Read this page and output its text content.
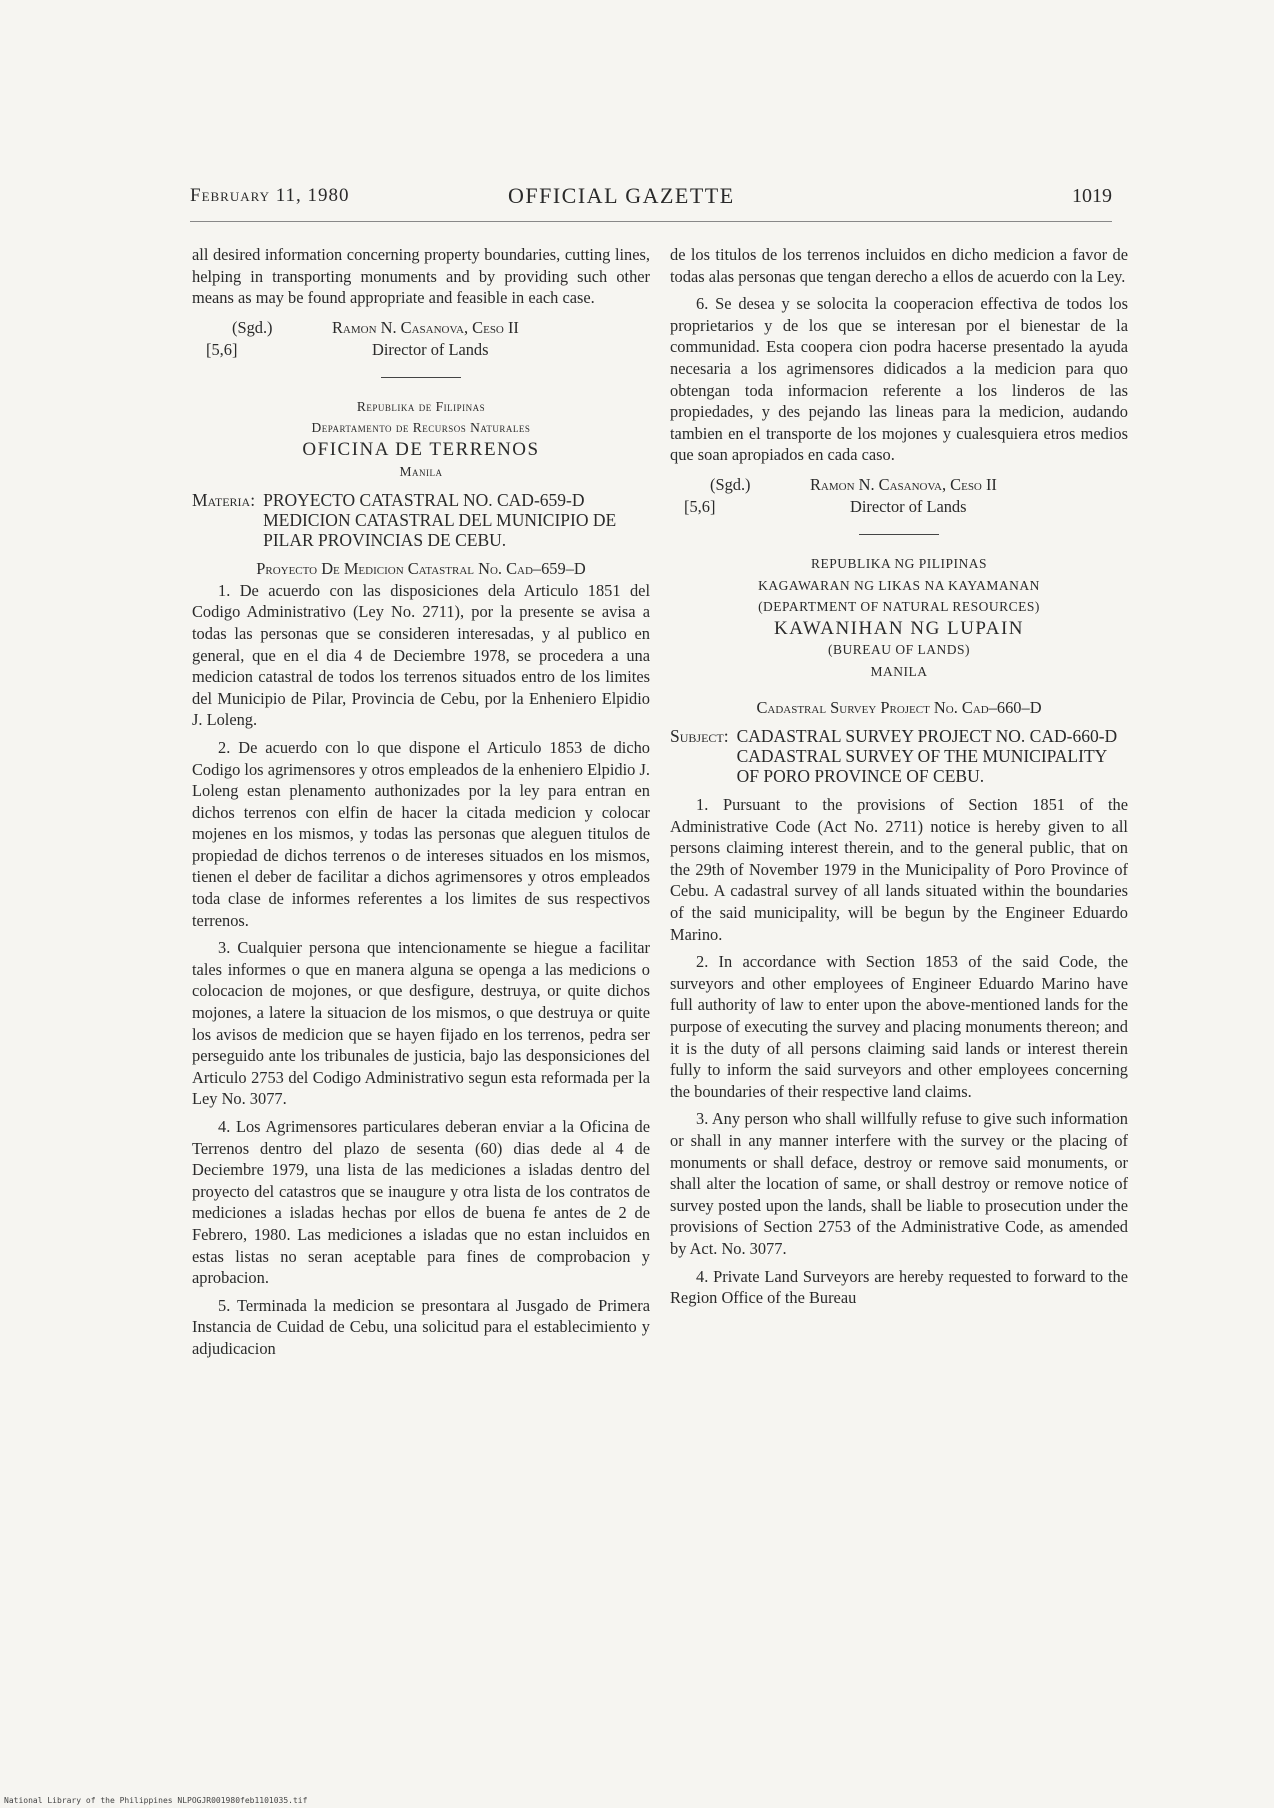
February 11, 1980	OFFICIAL GAZETTE	1019

all desired information concerning property boundaries, cutting lines, helping in transporting monuments and by providing such other means as may be found appropriate and feasible in each case.

(Sgd.)	Ramon N. Casanova, Ceso II
[5,6]	Director of Lands
Republika de Filipinas
Departamento de Recursos Naturales
OFICINA DE TERRENOS
Manila
Materia: PROYECTO CATASTRAL NO. CAD-659-D MEDICION CATASTRAL DEL MUNICIPIO DE PILAR PROVINCIAS DE CEBU.

Proyecto De Medicion Catastral No. Cad–659–D

1. De acuerdo con las disposiciones dela Articulo 1851 del Codigo Administrativo (Ley No. 2711), por la presente se avisa a todas las personas que se consideren interesadas, y al publico en general, que en el dia 4 de Deciembre 1978, se procedera a una medicion catastral de todos los terrenos situados entro de los limites del Municipio de Pilar, Provincia de Cebu, por la Enheniero Elpidio J. Loleng.

2. De acuerdo con lo que dispone el Articulo 1853 de dicho Codigo los agrimensores y otros empleados de la enheniero Elpidio J. Loleng estan plenamento authonizades por la ley para entran en dichos terrenos con elfin de hacer la citada medicion y colocar mojenes en los mismos, y todas las personas que aleguen titulos de propiedad de dichos terrenos o de intereses situados en los mismos, tienen el deber de facilitar a dichos agrimensores y otros empleados toda clase de informes referentes a los limites de sus respectivos terrenos.

3. Cualquier persona que intencionamente se hiegue a facilitar tales informes o que en manera alguna se openga a las medicions o colocacion de mojones, or que desfigure, destruya, or quite dichos mojones, a latere la situacion de los mismos, o que destruya or quite los avisos de medicion que se hayen fijado en los terrenos, pedra ser perseguido ante los tribunales de justicia, bajo las desponsiciones del Articulo 2753 del Codigo Administrativo segun esta reformada per la Ley No. 3077.

4. Los Agrimensores particulares deberan enviar a la Oficina de Terrenos dentro del plazo de sesenta (60) dias dede al 4 de Deciembre 1979, una lista de las mediciones a isladas dentro del proyecto del catastros que se inaugure y otra lista de los contratos de mediciones a isladas hechas por ellos de buena fe antes de 2 de Febrero, 1980. Las mediciones a isladas que no estan incluidos en estas listas no seran aceptable para fines de comprobacion y aprobacion.

5. Terminada la medicion se presontara al Jusgado de Primera Instancia de Cuidad de Cebu, una solicitud para el establecimiento y adjudicacion

de los titulos de los terrenos incluidos en dicho medicion a favor de todas alas personas que tengan derecho a ellos de acuerdo con la Ley.

6. Se desea y se solocita la cooperacion effectiva de todos los proprietarios y de los que se interesan por el bienestar de la communidad. Esta coopera cion podra hacerse presentado la ayuda necesaria a los agrimensores didicados a la medicion para quo obtengan toda informacion referente a los linderos de las propiedades, y des pejando las lineas para la medicion, audando tambien en el transporte de los mojones y cualesquiera etros medios que soan apropiados en cada caso.

(Sgd.)	Ramon N. Casanova, Ceso II
[5,6]	Director of Lands
REPUBLIKA NG PILIPINAS
KAGAWARAN NG LIKAS NA KAYAMANAN
(DEPARTMENT OF NATURAL RESOURCES)
KAWANIHAN NG LUPAIN
(BUREAU OF LANDS)
MANILA

Cadastral Survey Project No. Cad–660–D

Subject: CADASTRAL SURVEY PROJECT NO. CAD-660-D CADASTRAL SURVEY OF THE MUNICIPALITY OF PORO PROVINCE OF CEBU.

1. Pursuant to the provisions of Section 1851 of the Administrative Code (Act No. 2711) notice is hereby given to all persons claiming interest therein, and to the general public, that on the 29th of November 1979 in the Municipality of Poro Province of Cebu. A cadastral survey of all lands situated within the boundaries of the said municipality, will be begun by the Engineer Eduardo Marino.

2. In accordance with Section 1853 of the said Code, the surveyors and other employees of Engineer Eduardo Marino have full authority of law to enter upon the above-mentioned lands for the purpose of executing the survey and placing monuments thereon; and it is the duty of all persons claiming said lands or interest therein fully to inform the said surveyors and other employees concerning the boundaries of their respective land claims.

3. Any person who shall willfully refuse to give such information or shall in any manner interfere with the survey or the placing of monuments or shall deface, destroy or remove said monuments, or shall alter the location of same, or shall destroy or remove notice of survey posted upon the lands, shall be liable to prosecution under the provisions of Section 2753 of the Administrative Code, as amended by Act. No. 3077.

4. Private Land Surveyors are hereby requested to forward to the Region Office of the Bureau

National Library of the Philippines NLPOGJR001980feb1101035.tif
